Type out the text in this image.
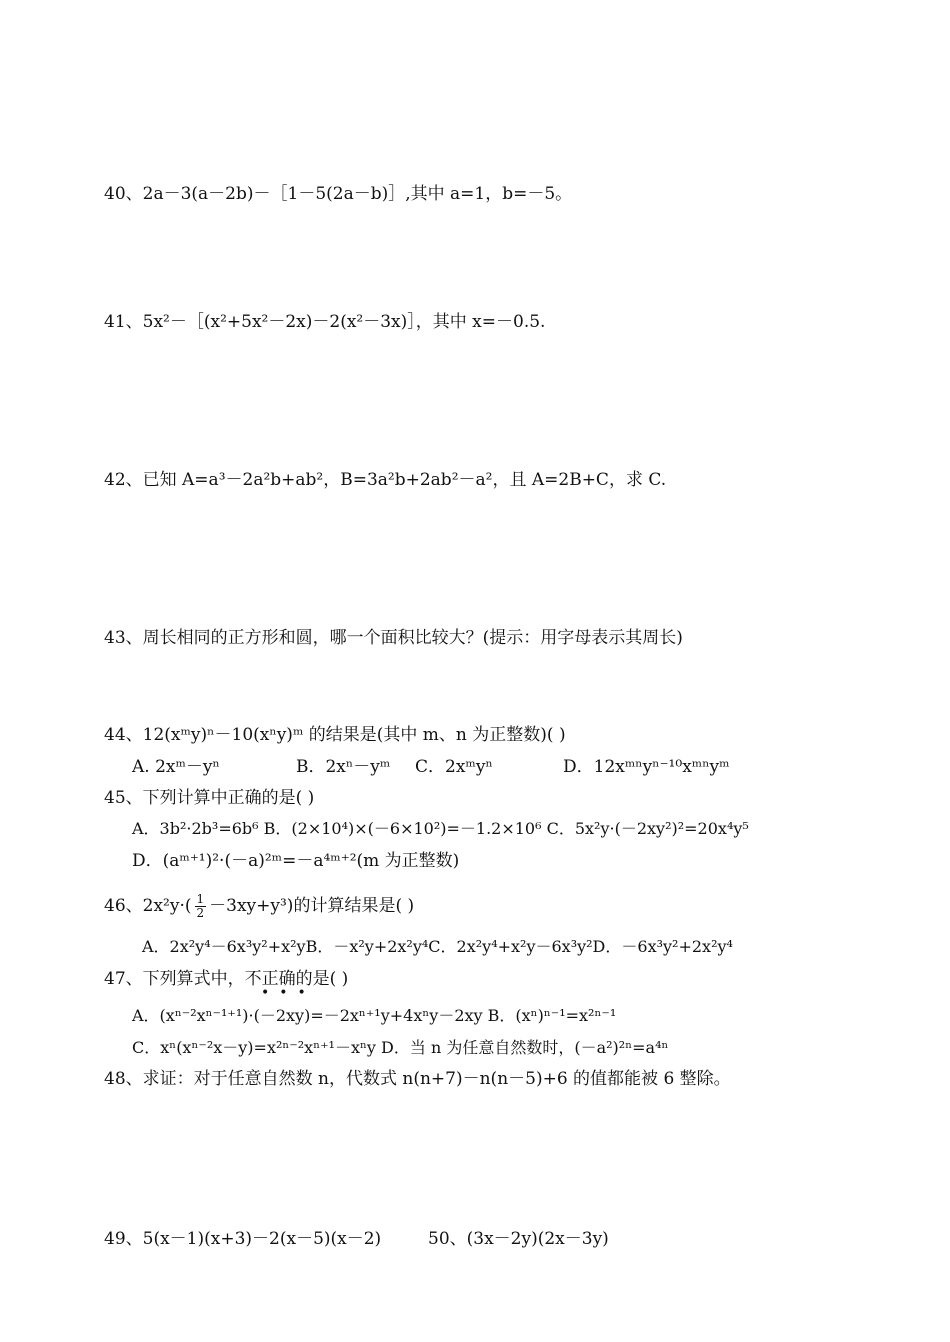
40、2a－3(a－2b)－［1－5(2a－b)］,其中 a=1，b=－5。
41、5x²－［(x²+5x²－2x)－2(x²－3x)］，其中 x=－0.5.
42、已知 A=a³－2a²b+ab²，B=3a²b+2ab²－a²，且 A=2B+C，求 C.
43、周长相同的正方形和圆，哪一个面积比较大？(提示：用字母表示其周长)
44、12(xᵐy)ⁿ－10(xⁿy)ᵐ 的结果是(其中 m、n 为正整数)( )
A. 2xᵐ－yⁿ	B．2xⁿ－yᵐ C．2xᵐyⁿ	D．12xᵐⁿyⁿ⁻¹⁰xᵐⁿyᵐ
45、下列计算中正确的是( )
A．3b²·2b³=6b⁶ B．(2×10⁴)×(－6×10²)=－1.2×10⁶ C．5x²y·(－2xy²)²=20x⁴y⁵
D．(aᵐ⁺¹)²·(－a)²ᵐ=－a⁴ᵐ⁺²(m 为正整数)
46、$2x^2y\cdot( \frac{1}{2} -3xy+y^3)$的计算结果是( )
A．2x²y⁴－6x³y²+x²yB．－x²y+2x²y⁴C．2x²y⁴+x²y－6x³y²D．－6x³y²+2x²y⁴
47、下列算式中，不正确的是( )
•••
A．(xⁿ⁻²xⁿ⁻¹⁺¹)·(－2xy)=－2xⁿ⁺¹y+4xⁿy－2xy B．(xⁿ)ⁿ⁻¹=x²ⁿ⁻¹
C．xⁿ(xⁿ⁻²x－y)=x²ⁿ⁻²xⁿ⁺¹－xⁿy D．当 n 为任意自然数时，(－a²)²ⁿ=a⁴ⁿ
48、求证：对于任意自然数 n，代数式 n(n+7)－n(n－5)+6 的值都能被 6 整除。
49、5(x－1)(x+3)－2(x－5)(x－2)	50、(3x－2y)(2x－3y)
